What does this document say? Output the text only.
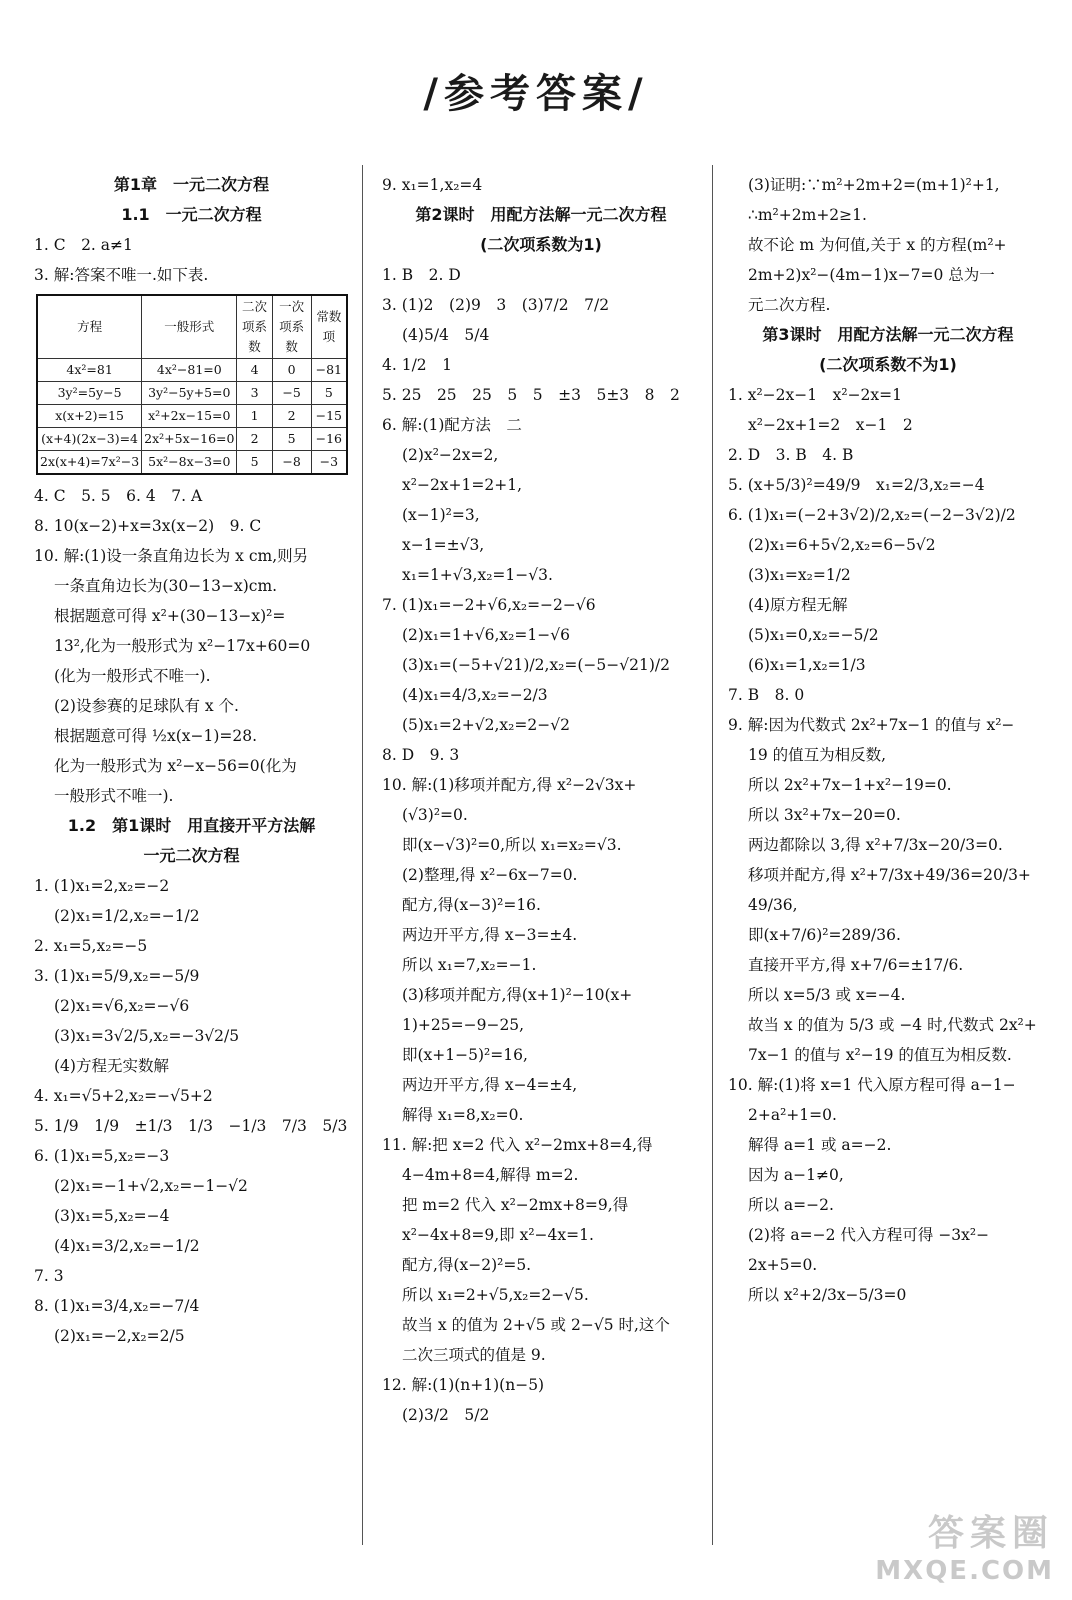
/参考答案/
第1章　一元二次方程
1.1　一元二次方程
1. C　2. a≠1
3. 解:答案不唯一.如下表.
方程	一般形式	二次项系数	一次项系数	常数项
4x²=81	4x²−81=0	4	0	−81
3y²=5y−5	3y²−5y+5=0	3	−5	5
x(x+2)=15	x²+2x−15=0	1	2	−15
(x+4)(2x−3)=4	2x²+5x−16=0	2	5	−16
2x(x+4)=7x²−3	5x²−8x−3=0	5	−8	−3
4. C　5. 5　6. 4　7. A
8. 10(x−2)+x=3x(x−2)　9. C
10. 解:(1)设一条直角边长为 x cm,则另
一条直角边长为(30−13−x)cm.
根据题意可得 x²+(30−13−x)²=
13²,化为一般形式为 x²−17x+60=0
(化为一般形式不唯一).
(2)设参赛的足球队有 x 个.
根据题意可得 ½x(x−1)=28.
化为一般形式为 x²−x−56=0(化为
一般形式不唯一).
1.2　第1课时　用直接开平方法解
一元二次方程
1. (1)x₁=2,x₂=−2
(2)x₁=1/2,x₂=−1/2
2. x₁=5,x₂=−5
3. (1)x₁=5/9,x₂=−5/9
(2)x₁=√6,x₂=−√6
(3)x₁=3√2/5,x₂=−3√2/5
(4)方程无实数解
4. x₁=√5+2,x₂=−√5+2
5. 1/9　1/9　±1/3　1/3　−1/3　7/3　5/3
6. (1)x₁=5,x₂=−3
(2)x₁=−1+√2,x₂=−1−√2
(3)x₁=5,x₂=−4
(4)x₁=3/2,x₂=−1/2
7. 3
8. (1)x₁=3/4,x₂=−7/4
(2)x₁=−2,x₂=2/5
9. x₁=1,x₂=4
第2课时　用配方法解一元二次方程
(二次项系数为1)
1. B　2. D
3. (1)2　(2)9　3　(3)7/2　7/2
(4)5/4　5/4
4. 1/2　1
5. 25　25　25　5　5　±3　5±3　8　2
6. 解:(1)配方法　二
(2)x²−2x=2,
x²−2x+1=2+1,
(x−1)²=3,
x−1=±√3,
x₁=1+√3,x₂=1−√3.
7. (1)x₁=−2+√6,x₂=−2−√6
(2)x₁=1+√6,x₂=1−√6
(3)x₁=(−5+√21)/2,x₂=(−5−√21)/2
(4)x₁=4/3,x₂=−2/3
(5)x₁=2+√2,x₂=2−√2
8. D　9. 3
10. 解:(1)移项并配方,得 x²−2√3x+
(√3)²=0.
即(x−√3)²=0,所以 x₁=x₂=√3.
(2)整理,得 x²−6x−7=0.
配方,得(x−3)²=16.
两边开平方,得 x−3=±4.
所以 x₁=7,x₂=−1.
(3)移项并配方,得(x+1)²−10(x+
1)+25=−9−25,
即(x+1−5)²=16,
两边开平方,得 x−4=±4,
解得 x₁=8,x₂=0.
11. 解:把 x=2 代入 x²−2mx+8=4,得
4−4m+8=4,解得 m=2.
把 m=2 代入 x²−2mx+8=9,得
x²−4x+8=9,即 x²−4x=1.
配方,得(x−2)²=5.
所以 x₁=2+√5,x₂=2−√5.
故当 x 的值为 2+√5 或 2−√5 时,这个
二次三项式的值是 9.
12. 解:(1)(n+1)(n−5)
(2)3/2　5/2
(3)证明:∵m²+2m+2=(m+1)²+1,
∴m²+2m+2≥1.
故不论 m 为何值,关于 x 的方程(m²+
2m+2)x²−(4m−1)x−7=0 总为一
元二次方程.
第3课时　用配方法解一元二次方程
(二次项系数不为1)
1. x²−2x−1　x²−2x=1
x²−2x+1=2　x−1　2
2. D　3. B　4. B
5. (x+5/3)²=49/9　x₁=2/3,x₂=−4
6. (1)x₁=(−2+3√2)/2,x₂=(−2−3√2)/2
(2)x₁=6+5√2,x₂=6−5√2
(3)x₁=x₂=1/2
(4)原方程无解
(5)x₁=0,x₂=−5/2
(6)x₁=1,x₂=1/3
7. B　8. 0
9. 解:因为代数式 2x²+7x−1 的值与 x²−
19 的值互为相反数,
所以 2x²+7x−1+x²−19=0.
所以 3x²+7x−20=0.
两边都除以 3,得 x²+7/3x−20/3=0.
移项并配方,得 x²+7/3x+49/36=20/3+
49/36,
即(x+7/6)²=289/36.
直接开平方,得 x+7/6=±17/6.
所以 x=5/3 或 x=−4.
故当 x 的值为 5/3 或 −4 时,代数式 2x²+
7x−1 的值与 x²−19 的值互为相反数.
10. 解:(1)将 x=1 代入原方程可得 a−1−
2+a²+1=0.
解得 a=1 或 a=−2.
因为 a−1≠0,
所以 a=−2.
(2)将 a=−2 代入方程可得 −3x²−
2x+5=0.
所以 x²+2/3x−5/3=0
答案圈
MXQE.COM
